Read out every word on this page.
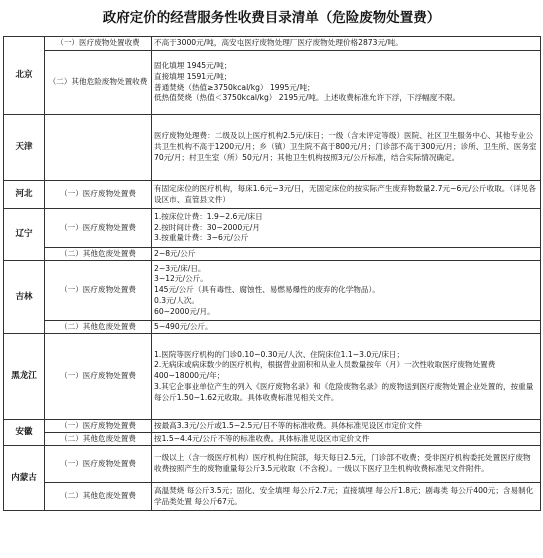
政府定价的经营服务性收费目录清单（危险废物处置费）
北京	（一）医疗废物处置收费	不高于3000元/吨，高安屯医疗废物处理厂医疗废物处理价格2873元/吨。

	（二）其他危险废物处置收费	固化填埋 1945元/吨；
直接填埋 1591元/吨；
普通焚烧（热值≥3750kcal/kg） 1995元/吨；
低热值焚烧（热值＜3750kcal/kg） 2195元/吨。上述收费标准允许下浮，下浮幅度不限。

天津		医疗废物处理费：二级及以上医疗机构2.5元/床日；一级（含未评定等级）医院、社区卫生服务中心、其他专业公共卫生机构不高于1200元/月；乡（镇）卫生院不高于800元/月；门诊部不高于300元/月；诊所、卫生所、医务室70元/月；村卫生室（所）50元/月；其他卫生机构按照3元/公斤标准，结合实际情况确定。

河北	（一）医疗废物处置费	有固定床位的医疗机构，每床1.6元~3元/日，无固定床位的按实际产生废弃物数量2.7元~6元/公斤收取。（详见各设区市、直管县文件）

辽宁	（一）医疗废物处置费	1.按床位计费：1.9~2.6元/床日
2.按时间计费：30~2000元/月
3.按重量计费：3~6元/公斤

	（二）其他危废处置费	2~8元/公斤

吉林	（一）医疗废物处置费	2~3元/床/日。
3~12元/公斤。
145元/公斤（具有毒性、腐蚀性、易燃易爆性的废弃的化学物品）。
0.3元/人次。
60~2000元/月。

	（二）其他危废处置费	5~490元/公斤。

黑龙江	（一）医疗废物处置费	1.医院等医疗机构的门诊0.10~0.30元/人次、住院床位1.1~3.0元/床日；
2.无病床或病床数少的医疗机构，根据营业面积和从业人员数量按年（月）一次性收取医疗废物处置费400~18000元/年；
3.其它企事业单位产生的列入《医疗废物名录》和《危险废物名录》的废物送到医疗废物处置企业处置的，按重量每公斤1.50~1.62元收取。具体收费标准见相关文件。

安徽	（一）医疗废物处置费	按最高3.3元/公斤或1.5~2.5元/日不等的标准收费。具体标准见设区市定价文件

	（二）其他危废处置费	按1.5~4.4元/公斤不等的标准收费。具体标准见设区市定价文件

内蒙古	（一）医疗废物处置费	一级以上（含一级医疗机构）医疗机构住院部，每天每日2.5元，门诊部不收费；受非医疗机构委托处置医疗废物收费按照产生的废物重量每公斤3.5元收取（不含税）。一级以下医疗卫生机构收费标准见文件附件。

	（二）其他危废处置费	高温焚烧 每公斤3.5元；固化、安全填埋 每公斤2.7元；直接填埋 每公斤1.8元；剧毒类 每公斤400元；含易制化学品类处置 每公斤67元。
